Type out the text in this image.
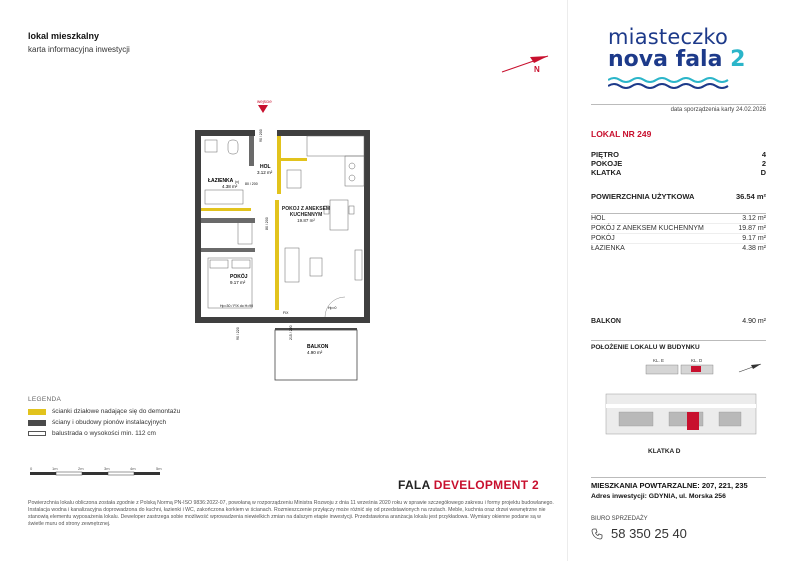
lokal mieszkalny
karta informacyjna inwestycji
N
wejście
HOL
3.12 m²
ŁAZIENKA
4.38 m²
POKÓJ Z ANEKSEM KUCHENNYM
19.87 m²
POKÓJ
9.17 m²
BALKON
4.90 m²
90 / 200
80 / 200
80 / 200
(v)
Hp=30 / FIX do H=90	Hp=0
FIX
90 / 220	215 / 220
LEGENDA
ścianki działowe nadające się do demontażu
ściany i obudowy pionów instalacyjnych
balustrada o wysokości min. 112 cm
0	1m	2m	3m	4m	5m
FALA DEVELOPMENT 2
Powierzchnia lokalu obliczona została zgodnie z Polską Normą PN-ISO 9836:2022-07, powołaną w rozporządzeniu Ministra Rozwoju z dnia 11 września 2020 roku w sprawie szczegółowego zakresu i formy projektu budowlanego. Instalacja wodna i kanalizacyjna doprowadzona do kuchni, łazienki i WC, zakończona korkiem w ścianach. Rozmieszczenie przyłączy może różnić się od przedstawionych na rzutach. Meble, kuchnia oraz drzwi wewnętrzne nie stanowią elementu wyposażenia lokalu. Deweloper zastrzega sobie możliwość wprowadzenia niewielkich zmian na dalszym etapie inwestycji. Przedstawiona aranżacja lokalu jest przykładowa. Wymiary okienne podane są w świetle muru od strony zewnętrznej.
miasteczko
nova fala 2
data sporządzenia karty 24.02.2026
LOKAL NR 249
PIĘTRO	4
POKOJE	2
KLATKA	D
POWIERZCHNIA UŻYTKOWA	36.54 m²
HOL	3.12 m²
POKÓJ Z ANEKSEM KUCHENNYM	19.87 m²
POKÓJ	9.17 m²
ŁAZIENKA	4.38 m²
BALKON	4.90 m²
POŁOŻENIE LOKALU W BUDYNKU
KL. E	KL. D
KLATKA D
MIESZKANIA POWTARZALNE: 207, 221, 235
Adres inwestycji: GDYNIA, ul. Morska 256
BIURO SPRZEDAŻY
58 350 25 40
